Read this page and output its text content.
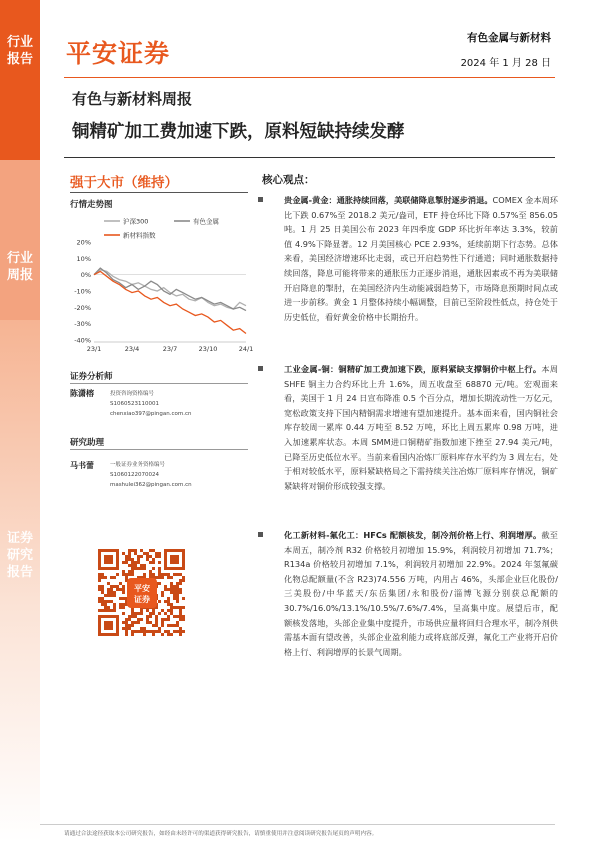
行业报告
行业周报
证券研究报告
平安证券
有色金属与新材料
2024 年 1 月 28 日
有色与新材料周报
铜精矿加工费加速下跌，原料短缺持续发酵
强于大市（维持）
行情走势图
沪深300	有色金属
新材料指数
20%
10%
0%
-10%
-20%
-30%
-40%
23/1	23/4	23/7	23/10	24/1
证券分析师
陈潇榕	投资咨询资格编号
S1060523110001
chenxiao397@pingan.com.cn
研究助理
马书蕾	一般证券业务资格编号
S1060122070024
mashulei362@pingan.com.cn
平安
证券
核心观点：
贵金属-黄金：通胀持续回落，美联储降息掣肘逐步消退。COMEX 金本周环比下跌 0.67%至 2018.2 美元/盎司，ETF 持仓环比下降 0.57%至 856.05 吨。1 月 25 日美国公布 2023 年四季度 GDP 环比折年率达 3.3%，较前值 4.9%下降显著。12 月美国核心 PCE 2.93%，延续前期下行态势。总体来看，美国经济增速环比走弱，或已开启趋势性下行通道；同时通胀数据持续回落，降息可能将带来的通胀压力正逐步消退，通胀因素或不再为美联储开启降息的掣肘，在美国经济内生动能减弱趋势下，市场降息预期时间点或进一步前移。黄金 1 月整体持续小幅调整，目前已至阶段性低点，持仓处于历史低位，看好黄金价格中长期抬升。
工业金属-铜：铜精矿加工费加速下跌，原料紧缺支撑铜价中枢上行。本周 SHFE 铜主力合约环比上升 1.6%，周五收盘至 68870 元/吨。宏观面来看，美国于 1 月 24 日宣布降准 0.5 个百分点，增加长期流动性一万亿元，宽松政策支持下国内精铜需求增速有望加速提升。基本面来看，国内铜社会库存较周一累库 0.44 万吨至 8.52 万吨，环比上周五累库 0.98 万吨，进入加速累库状态。本周 SMM进口铜精矿指数加速下挫至 27.94 美元/吨，已降至历史低位水平。当前来看国内冶炼厂原料库存水平约为 3 周左右，处于相对较低水平，原料紧缺格局之下需持续关注冶炼厂原料库存情况，铜矿紧缺将对铜价形成较强支撑。
化工新材料-氟化工：HFCs 配额核发，制冷剂价格上行、利润增厚。截至本周五，制冷剂 R32 价格较月初增加 15.9%，利润较月初增加 71.7%；R134a 价格较月初增加 7.1%，利润较月初增加 22.9%。2024 年氢氟碳化物总配额量(不含 R23)74.556 万吨，内用占 46%，头部企业巨化股份/三美股份/中华蓝天/东岳集团/永和股份/淄博飞源分别获总配额的 30.7%/16.0%/13.1%/10.5%/7.6%/7.4%，呈高集中度。展望后市，配额核发落地，头部企业集中度提升，市场供应量将回归合理水平，制冷剂供需基本面有望改善，头部企业盈利能力或将底部反弹，氟化工产业将开启价格上行、利润增厚的长景气周期。
请通过合法途径获取本公司研究报告，如经由未经许可的渠道获得研究报告，请慎重使用并注意阅读研究报告尾页的声明内容。
